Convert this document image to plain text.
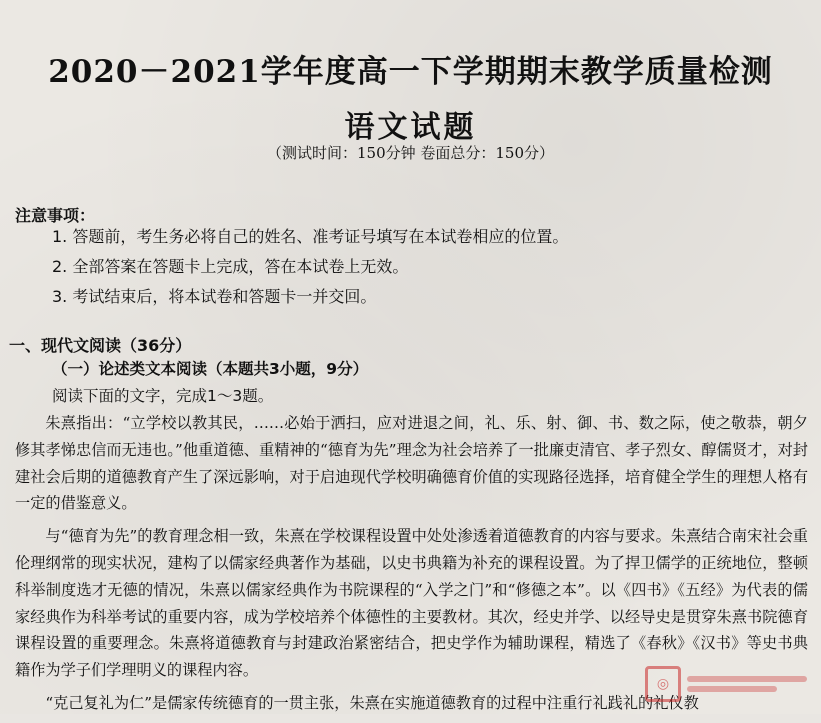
2020－2021学年度高一下学期期末教学质量检测
语文试题
（测试时间：150分钟 卷面总分：150分）
注意事项：
1. 答题前，考生务必将自己的姓名、准考证号填写在本试卷相应的位置。
2. 全部答案在答题卡上完成，答在本试卷上无效。
3. 考试结束后，将本试卷和答题卡一并交回。
一、现代文阅读（36分）
（一）论述类文本阅读（本题共3小题，9分）
阅读下面的文字，完成1～3题。

朱熹指出：“立学校以教其民，……必始于洒扫，应对进退之间，礼、乐、射、御、书、数之际，使之敬恭，朝夕修其孝悌忠信而无违也。”他重道德、重精神的“德育为先”理念为社会培养了一批廉吏清官、孝子烈女、醇儒贤才，对封建社会后期的道德教育产生了深远影响，对于启迪现代学校明确德育价值的实现路径选择，培育健全学生的理想人格有一定的借鉴意义。

与“德育为先”的教育理念相一致，朱熹在学校课程设置中处处渗透着道德教育的内容与要求。朱熹结合南宋社会重伦理纲常的现实状况，建构了以儒家经典著作为基础，以史书典籍为补充的课程设置。为了捍卫儒学的正统地位，整顿科举制度选才无德的情况，朱熹以儒家经典作为书院课程的“入学之门”和“修德之本”。以《四书》《五经》为代表的儒家经典作为科举考试的重要内容，成为学校培养个体德性的主要教材。其次，经史并学、以经导史是贯穿朱熹书院德育课程设置的重要理念。朱熹将道德教育与封建政治紧密结合，把史学作为辅助课程，精选了《春秋》《汉书》等史书典籍作为学子们学理明义的课程内容。

“克己复礼为仁”是儒家传统德育的一贯主张，朱熹在实施道德教育的过程中注重行礼践礼的礼仪教

◎
